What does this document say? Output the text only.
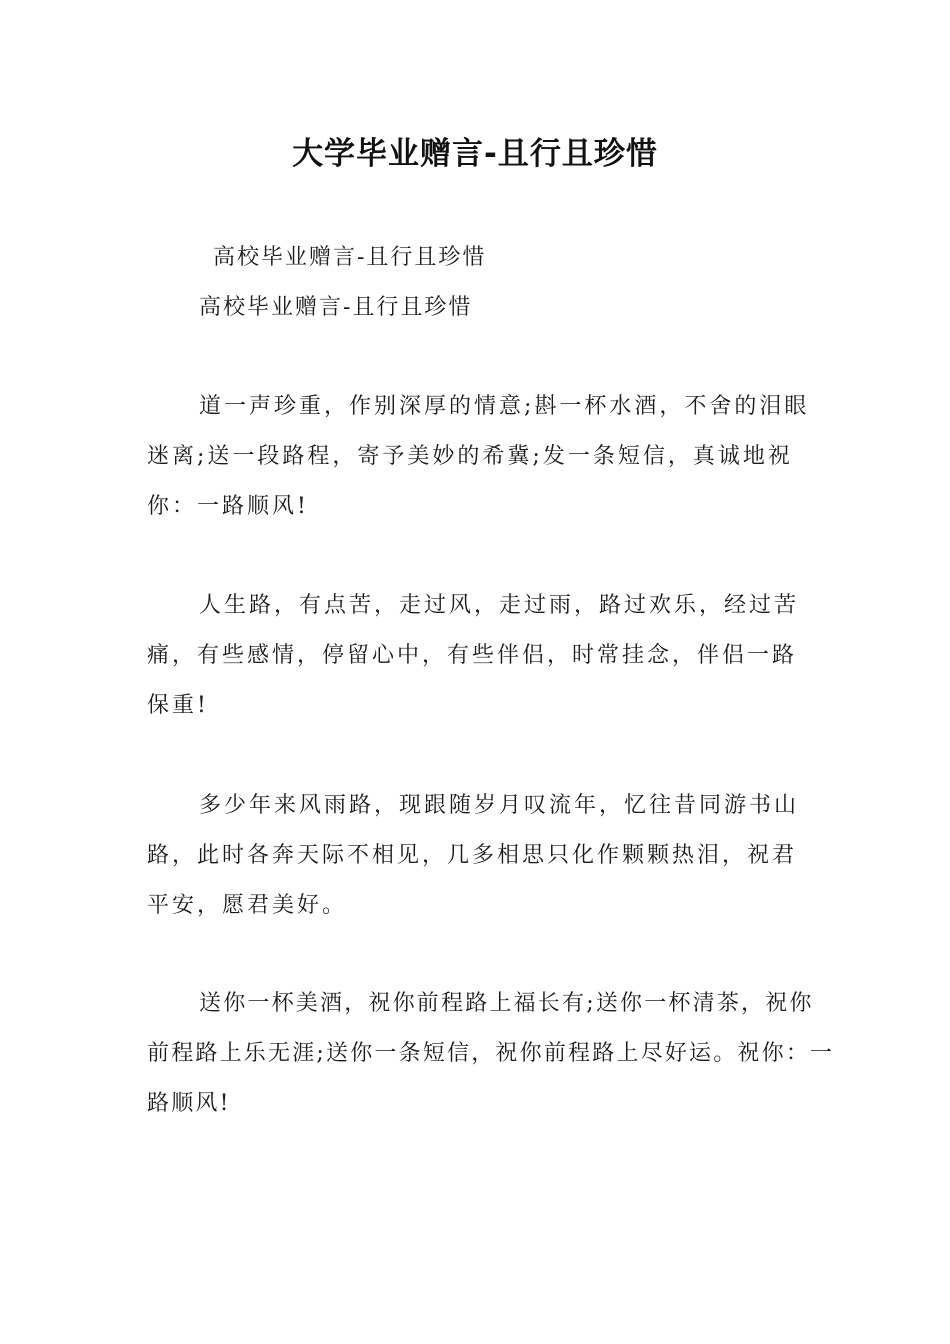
大学毕业赠言-且行且珍惜
高校毕业赠言-且行且珍惜
高校毕业赠言-且行且珍惜

道一声珍重，作别深厚的情意;斟一杯水酒，不舍的泪眼迷离;送一段路程，寄予美妙的希冀;发一条短信，真诚地祝你：一路顺风!

人生路，有点苦，走过风，走过雨，路过欢乐，经过苦痛，有些感情，停留心中，有些伴侣，时常挂念，伴侣一路保重!

多少年来风雨路，现跟随岁月叹流年，忆往昔同游书山路，此时各奔天际不相见，几多相思只化作颗颗热泪，祝君平安，愿君美好。

送你一杯美酒，祝你前程路上福长有;送你一杯清茶，祝你前程路上乐无涯;送你一条短信，祝你前程路上尽好运。祝你：一路顺风!
